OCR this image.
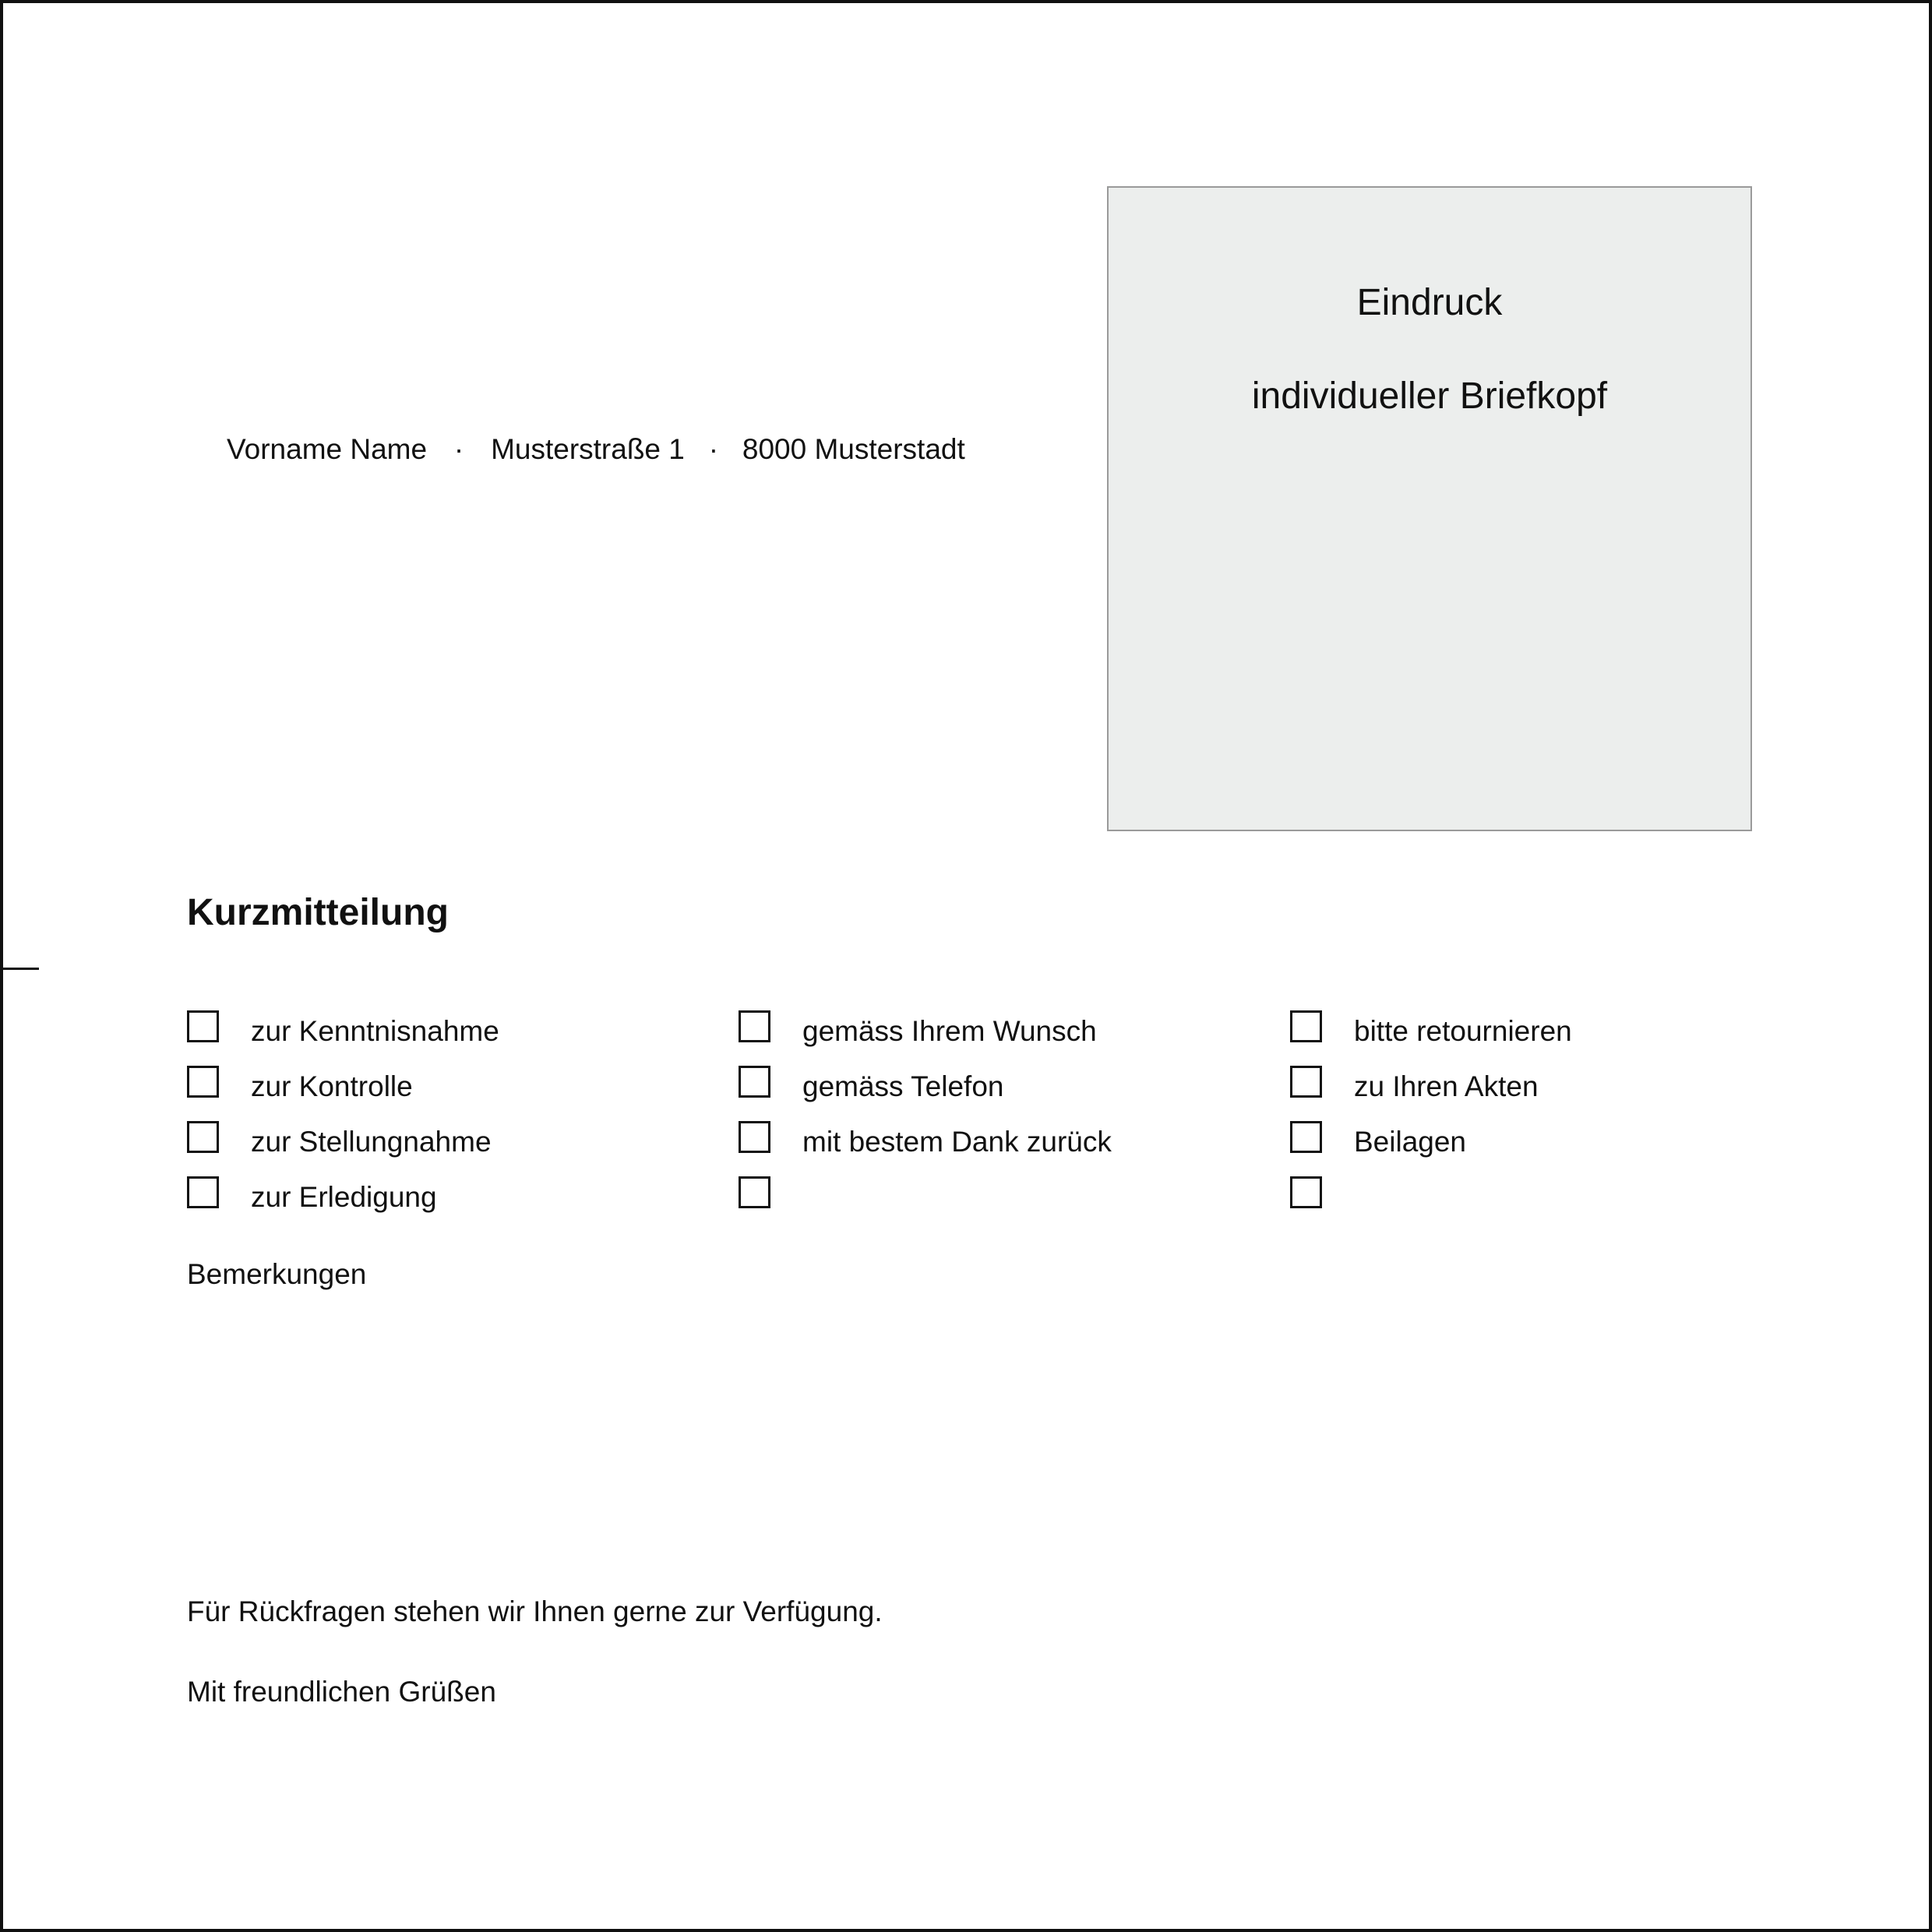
Vorname Name · Musterstraße 1 · 8000 Musterstadt
Eindruck
individueller Briefkopf
Kurzmitteilung
zur Kenntnisnahme
zur Kontrolle
zur Stellungnahme
zur Erledigung
gemäss Ihrem Wunsch
gemäss Telefon
mit bestem Dank zurück
bitte retournieren
zu Ihren Akten
Beilagen
Bemerkungen
Für Rückfragen stehen wir Ihnen gerne zur Verfügung.
Mit freundlichen Grüßen
